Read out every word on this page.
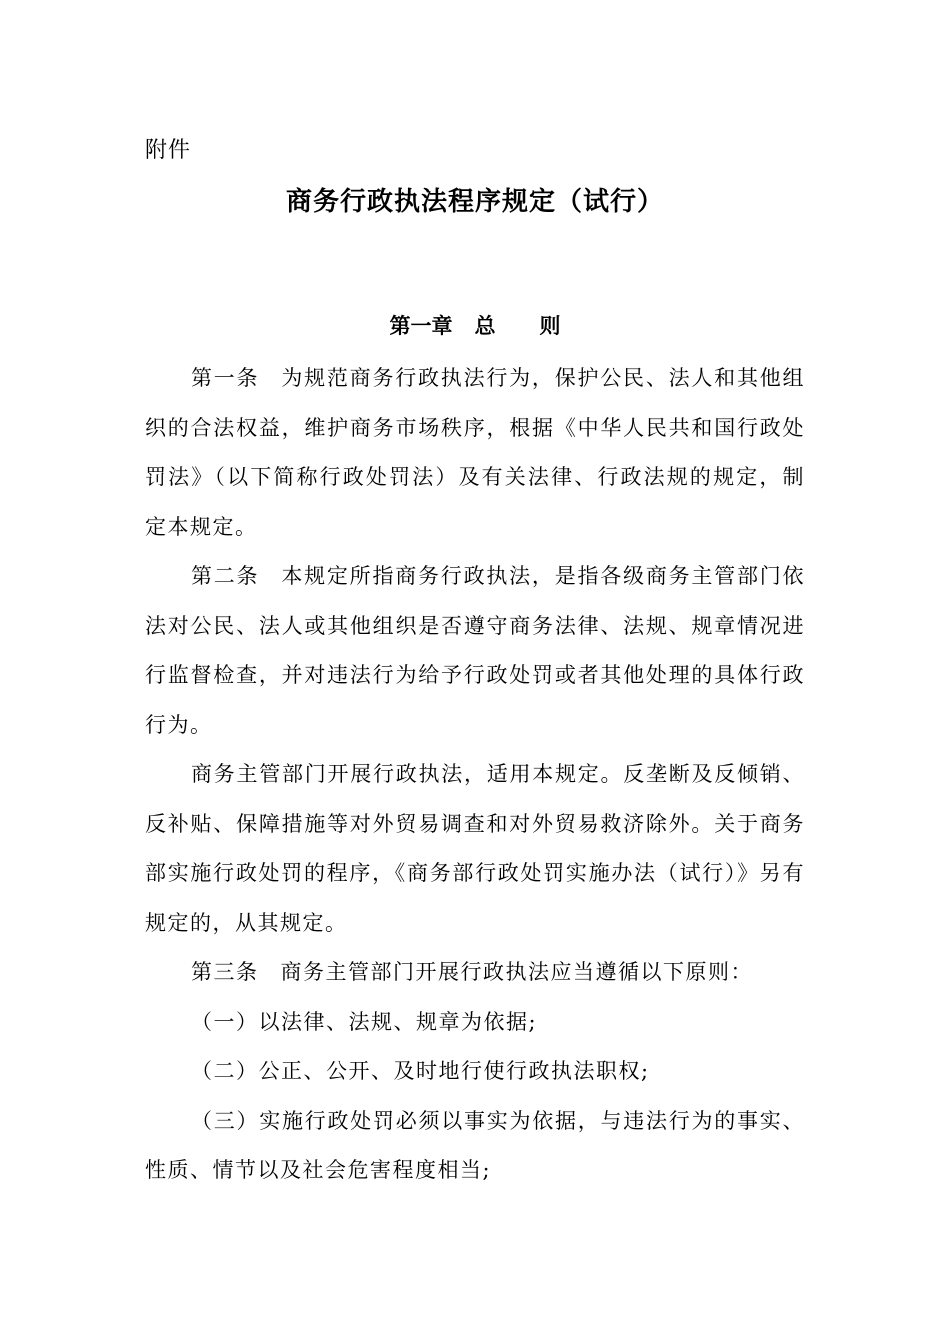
附件
商务行政执法程序规定（试行）
第一章 总 则

第一条 为规范商务行政执法行为，保护公民、法人和其他组织的合法权益，维护商务市场秩序，根据《中华人民共和国行政处罚法》（以下简称行政处罚法）及有关法律、行政法规的规定，制定本规定。

第二条 本规定所指商务行政执法，是指各级商务主管部门依法对公民、法人或其他组织是否遵守商务法律、法规、规章情况进行监督检查，并对违法行为给予行政处罚或者其他处理的具体行政行为。

商务主管部门开展行政执法，适用本规定。反垄断及反倾销、反补贴、保障措施等对外贸易调查和对外贸易救济除外。关于商务部实施行政处罚的程序，《商务部行政处罚实施办法（试行）》另有规定的，从其规定。

第三条 商务主管部门开展行政执法应当遵循以下原则：

（一）以法律、法规、规章为依据;

（二）公正、公开、及时地行使行政执法职权;

（三）实施行政处罚必须以事实为依据，与违法行为的事实、性质、情节以及社会危害程度相当;
